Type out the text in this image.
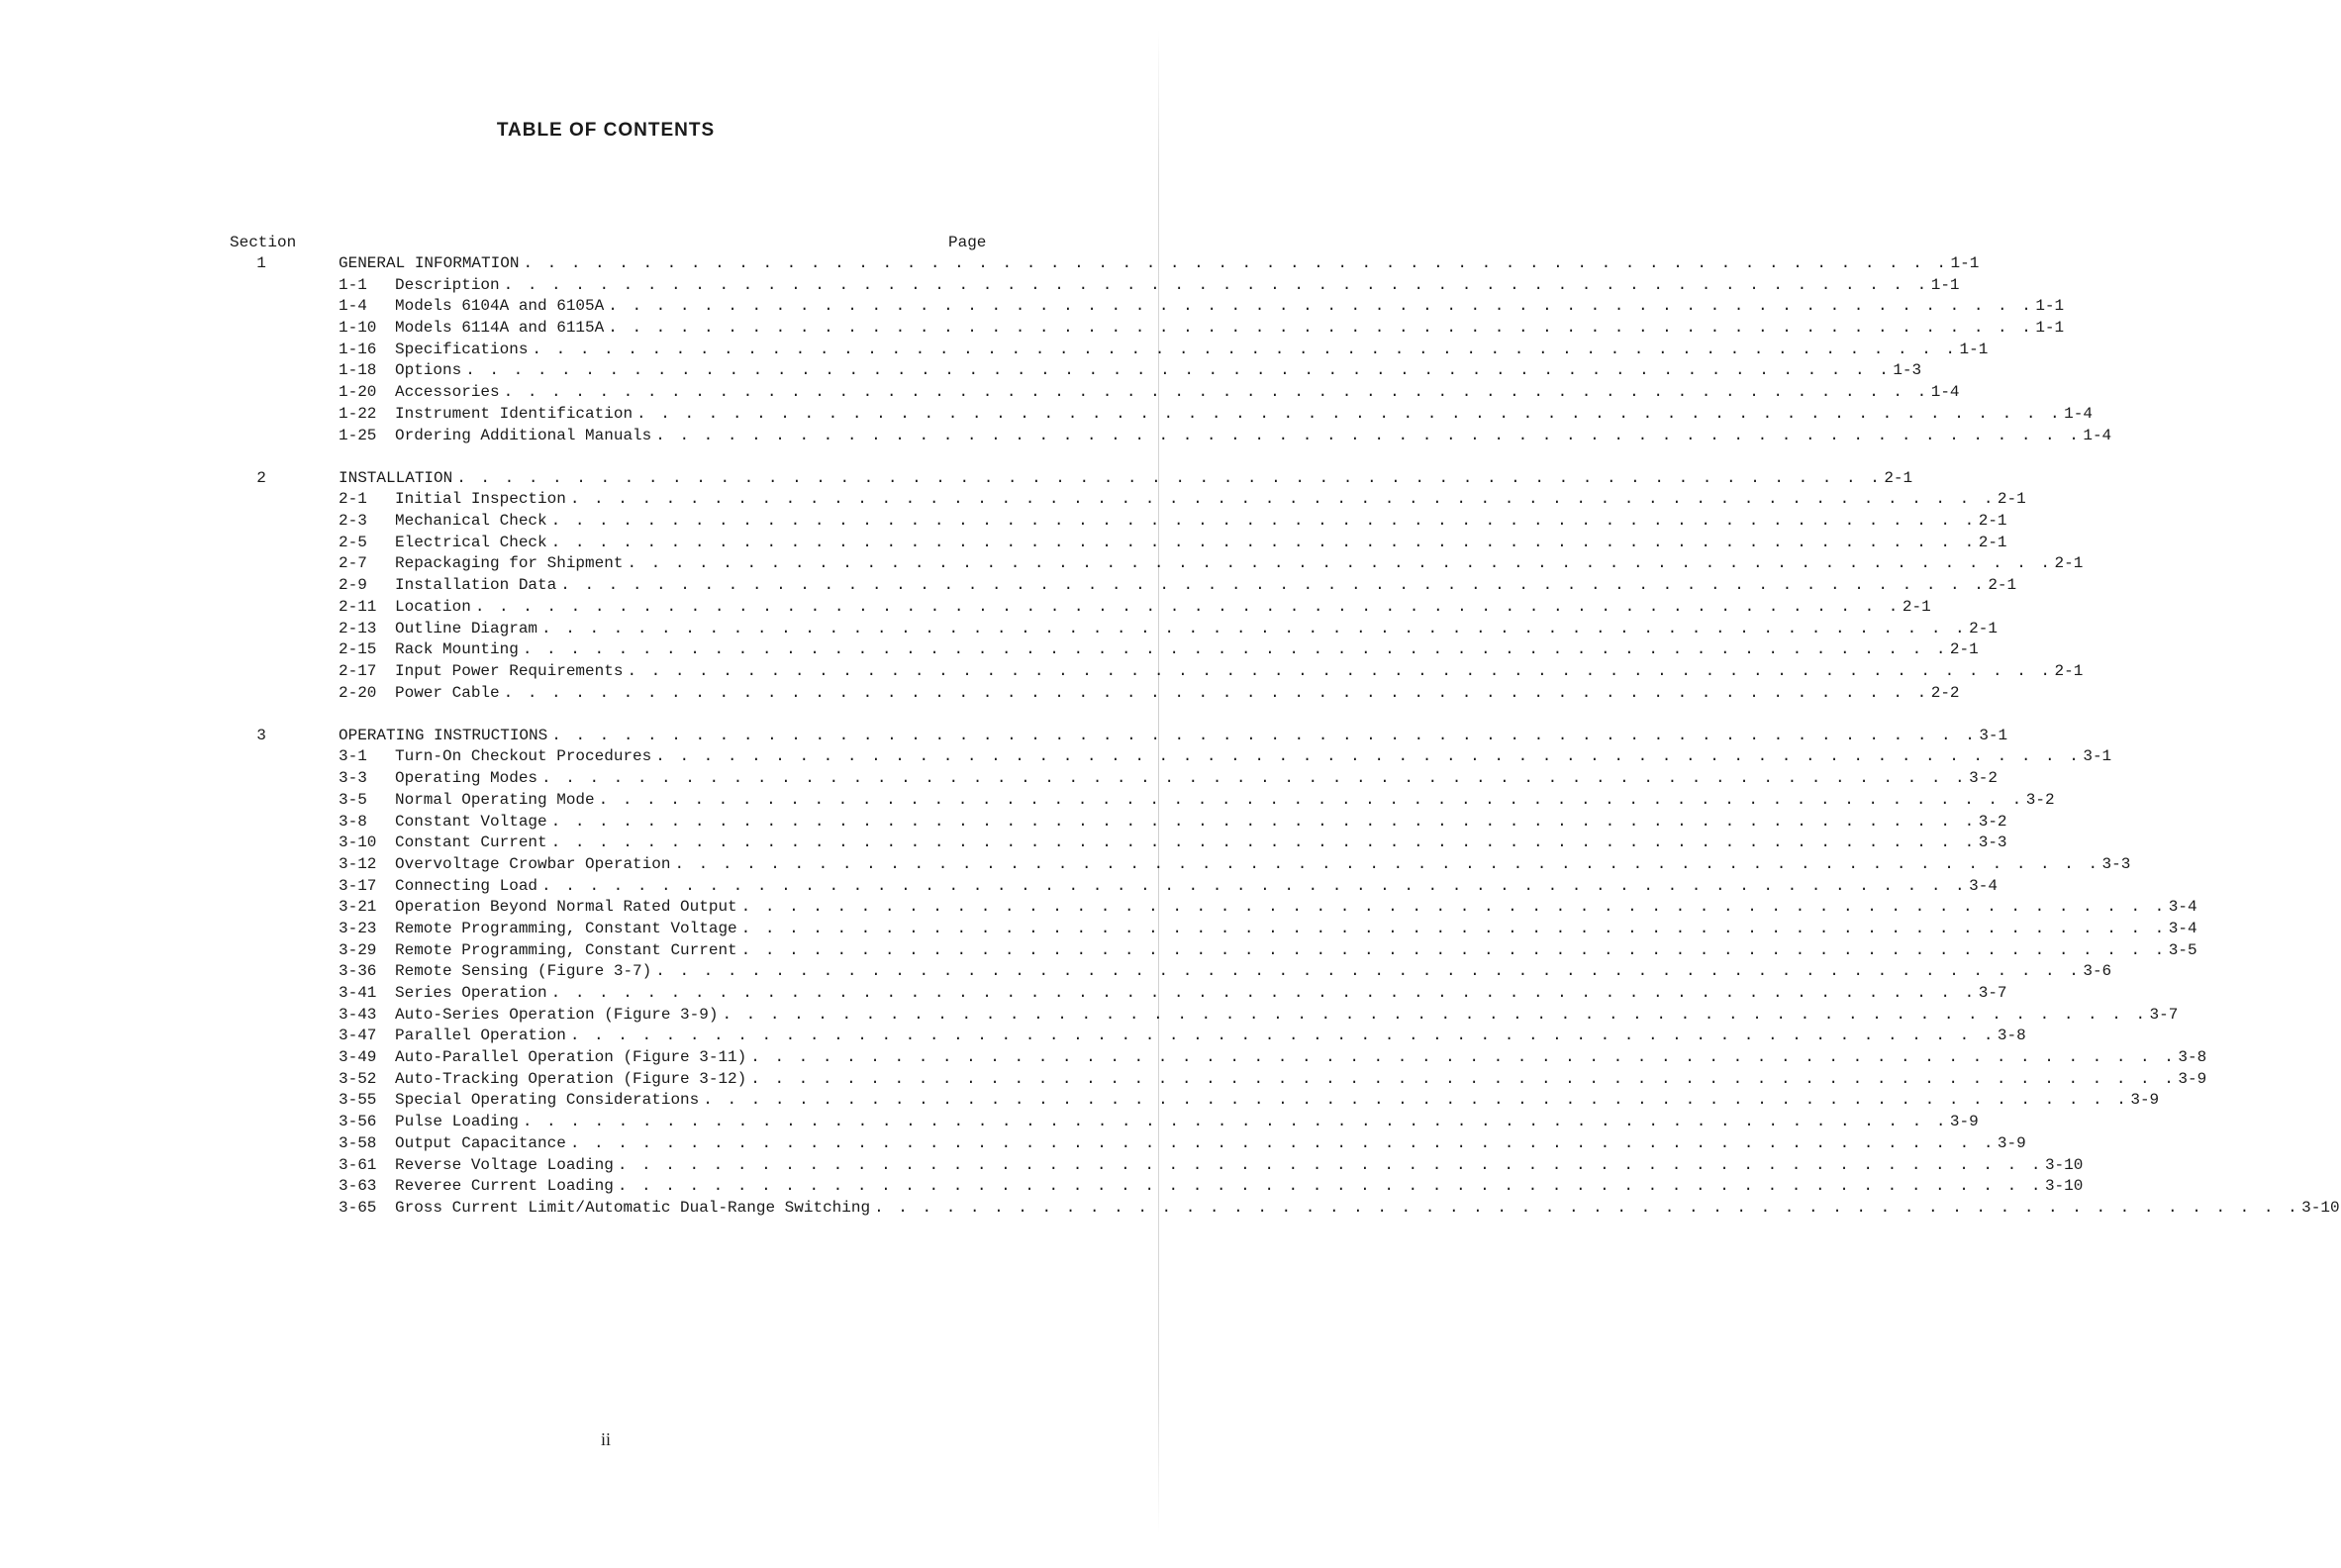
TABLE OF CONTENTS
Section	Page
1	GENERAL INFORMATION . . . . . . . . . . . . . . . . . . . . . . . . . . . . . . . . . . . . . . . . . . . . . . . . . . . . . . . . . . . . 1-1
1-1	Description . . . . . . . . . . . . . . . . . . . . . . . . . . . . . . . . . . . . . . . . . . . . . . . . . . . . . . . . . . . . 1-1
1-4	Models 6104A and 6105A . . . . . . . . . . . . . . . . . . . . . . . . . . . . . . . . . . . . . . . . . . . . . . . . . . . . . . . . . . . . 1-1
1-10	Models 6114A and 6115A . . . . . . . . . . . . . . . . . . . . . . . . . . . . . . . . . . . . . . . . . . . . . . . . . . . . . . . . . . . . 1-1
1-16	Specifications . . . . . . . . . . . . . . . . . . . . . . . . . . . . . . . . . . . . . . . . . . . . . . . . . . . . . . . . . . . . 1-1
1-18	Options . . . . . . . . . . . . . . . . . . . . . . . . . . . . . . . . . . . . . . . . . . . . . . . . . . . . . . . . . . . . 1-3
1-20	Accessories . . . . . . . . . . . . . . . . . . . . . . . . . . . . . . . . . . . . . . . . . . . . . . . . . . . . . . . . . . . . 1-4
1-22	Instrument Identification . . . . . . . . . . . . . . . . . . . . . . . . . . . . . . . . . . . . . . . . . . . . . . . . . . . . . . . . . . . . 1-4
1-25	Ordering Additional Manuals . . . . . . . . . . . . . . . . . . . . . . . . . . . . . . . . . . . . . . . . . . . . . . . . . . . . . . . . . . . . 1-4
2	INSTALLATION . . . . . . . . . . . . . . . . . . . . . . . . . . . . . . . . . . . . . . . . . . . . . . . . . . . . . . . . . . . . 2-1
2-1	Initial Inspection . . . . . . . . . . . . . . . . . . . . . . . . . . . . . . . . . . . . . . . . . . . . . . . . . . . . . . . . . . . . 2-1
2-3	Mechanical Check . . . . . . . . . . . . . . . . . . . . . . . . . . . . . . . . . . . . . . . . . . . . . . . . . . . . . . . . . . . . 2-1
2-5	Electrical Check . . . . . . . . . . . . . . . . . . . . . . . . . . . . . . . . . . . . . . . . . . . . . . . . . . . . . . . . . . . . 2-1
2-7	Repackaging for Shipment . . . . . . . . . . . . . . . . . . . . . . . . . . . . . . . . . . . . . . . . . . . . . . . . . . . . . . . . . . . . 2-1
2-9	Installation Data . . . . . . . . . . . . . . . . . . . . . . . . . . . . . . . . . . . . . . . . . . . . . . . . . . . . . . . . . . . . 2-1
2-11	Location . . . . . . . . . . . . . . . . . . . . . . . . . . . . . . . . . . . . . . . . . . . . . . . . . . . . . . . . . . . . 2-1
2-13	Outline Diagram . . . . . . . . . . . . . . . . . . . . . . . . . . . . . . . . . . . . . . . . . . . . . . . . . . . . . . . . . . . . 2-1
2-15	Rack Mounting . . . . . . . . . . . . . . . . . . . . . . . . . . . . . . . . . . . . . . . . . . . . . . . . . . . . . . . . . . . . 2-1
2-17	Input Power Requirements . . . . . . . . . . . . . . . . . . . . . . . . . . . . . . . . . . . . . . . . . . . . . . . . . . . . . . . . . . . . 2-1
2-20	Power Cable . . . . . . . . . . . . . . . . . . . . . . . . . . . . . . . . . . . . . . . . . . . . . . . . . . . . . . . . . . . . 2-2
3	OPERATING INSTRUCTIONS . . . . . . . . . . . . . . . . . . . . . . . . . . . . . . . . . . . . . . . . . . . . . . . . . . . . . . . . . . . . 3-1
3-1	Turn-On Checkout Procedures . . . . . . . . . . . . . . . . . . . . . . . . . . . . . . . . . . . . . . . . . . . . . . . . . . . . . . . . . . . . 3-1
3-3	Operating Modes . . . . . . . . . . . . . . . . . . . . . . . . . . . . . . . . . . . . . . . . . . . . . . . . . . . . . . . . . . . . 3-2
3-5	Normal Operating Mode . . . . . . . . . . . . . . . . . . . . . . . . . . . . . . . . . . . . . . . . . . . . . . . . . . . . . . . . . . . . 3-2
3-8	Constant Voltage . . . . . . . . . . . . . . . . . . . . . . . . . . . . . . . . . . . . . . . . . . . . . . . . . . . . . . . . . . . . 3-2
3-10	Constant Current . . . . . . . . . . . . . . . . . . . . . . . . . . . . . . . . . . . . . . . . . . . . . . . . . . . . . . . . . . . . 3-3
3-12	Overvoltage Crowbar Operation . . . . . . . . . . . . . . . . . . . . . . . . . . . . . . . . . . . . . . . . . . . . . . . . . . . . . . . . . . . . 3-3
3-17	Connecting Load . . . . . . . . . . . . . . . . . . . . . . . . . . . . . . . . . . . . . . . . . . . . . . . . . . . . . . . . . . . . 3-4
3-21	Operation Beyond Normal Rated Output . . . . . . . . . . . . . . . . . . . . . . . . . . . . . . . . . . . . . . . . . . . . . . . . . . . . . . . . . . . . 3-4
3-23	Remote Programming, Constant Voltage . . . . . . . . . . . . . . . . . . . . . . . . . . . . . . . . . . . . . . . . . . . . . . . . . . . . . . . . . . . . 3-4
3-29	Remote Programming, Constant Current . . . . . . . . . . . . . . . . . . . . . . . . . . . . . . . . . . . . . . . . . . . . . . . . . . . . . . . . . . . . 3-5
3-36	Remote Sensing (Figure 3-7) . . . . . . . . . . . . . . . . . . . . . . . . . . . . . . . . . . . . . . . . . . . . . . . . . . . . . . . . . . . . 3-6
3-41	Series Operation . . . . . . . . . . . . . . . . . . . . . . . . . . . . . . . . . . . . . . . . . . . . . . . . . . . . . . . . . . . . 3-7
3-43	Auto-Series Operation (Figure 3-9) . . . . . . . . . . . . . . . . . . . . . . . . . . . . . . . . . . . . . . . . . . . . . . . . . . . . . . . . . . . . 3-7
3-47	Parallel Operation . . . . . . . . . . . . . . . . . . . . . . . . . . . . . . . . . . . . . . . . . . . . . . . . . . . . . . . . . . . . 3-8
3-49	Auto-Parallel Operation (Figure 3-11) . . . . . . . . . . . . . . . . . . . . . . . . . . . . . . . . . . . . . . . . . . . . . . . . . . . . . . . . . . . . 3-8
3-52	Auto-Tracking Operation (Figure 3-12) . . . . . . . . . . . . . . . . . . . . . . . . . . . . . . . . . . . . . . . . . . . . . . . . . . . . . . . . . . . . 3-9
3-55	Special Operating Considerations . . . . . . . . . . . . . . . . . . . . . . . . . . . . . . . . . . . . . . . . . . . . . . . . . . . . . . . . . . . . 3-9
3-56	Pulse Loading . . . . . . . . . . . . . . . . . . . . . . . . . . . . . . . . . . . . . . . . . . . . . . . . . . . . . . . . . . . . 3-9
3-58	Output Capacitance . . . . . . . . . . . . . . . . . . . . . . . . . . . . . . . . . . . . . . . . . . . . . . . . . . . . . . . . . . . . 3-9
3-61	Reverse Voltage Loading . . . . . . . . . . . . . . . . . . . . . . . . . . . . . . . . . . . . . . . . . . . . . . . . . . . . . . . . . . . . 3-10
3-63	Reveree Current Loading . . . . . . . . . . . . . . . . . . . . . . . . . . . . . . . . . . . . . . . . . . . . . . . . . . . . . . . . . . . . 3-10
3-65	Gross Current Limit/Automatic Dual-Range Switching . . . . . . . . . . . . . . . . . . . . . . . . . . . . . . . . . . . . . . . . . . . . . . . . . . . . . . . . . . . . 3-10
ii
